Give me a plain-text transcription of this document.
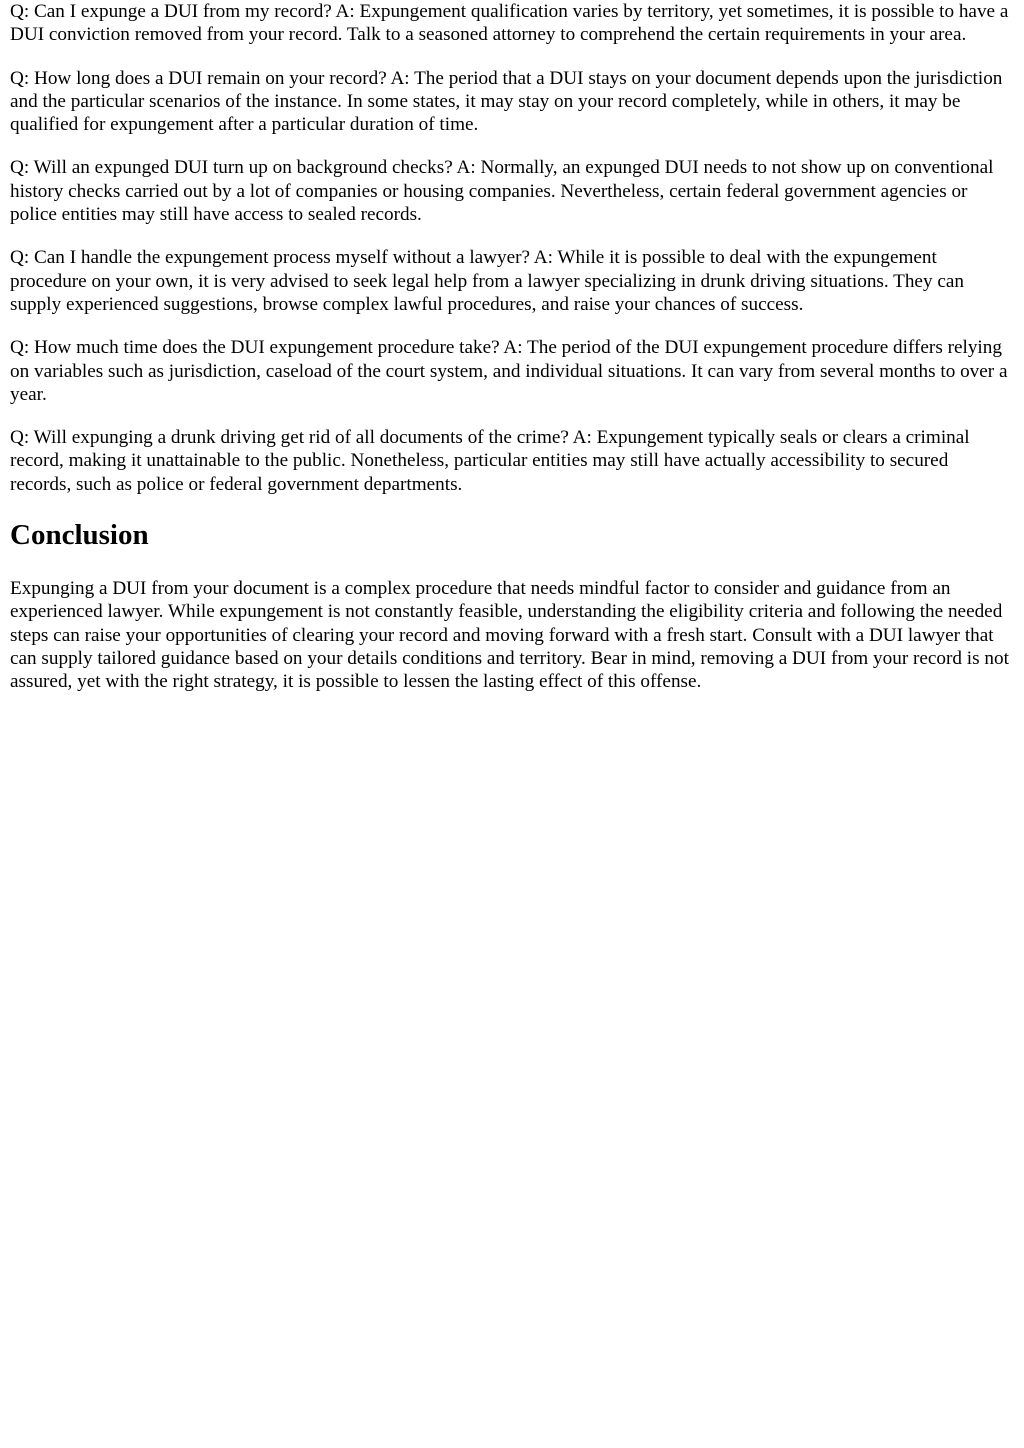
Q: Can I expunge a DUI from my record? A: Expungement qualification varies by territory, yet sometimes, it is possible to have a DUI conviction removed from your record. Talk to a seasoned attorney to comprehend the certain requirements in your area.

Q: How long does a DUI remain on your record? A: The period that a DUI stays on your document depends upon the jurisdiction and the particular scenarios of the instance. In some states, it may stay on your record completely, while in others, it may be qualified for expungement after a particular duration of time.

Q: Will an expunged DUI turn up on background checks? A: Normally, an expunged DUI needs to not show up on conventional history checks carried out by a lot of companies or housing companies. Nevertheless, certain federal government agencies or police entities may still have access to sealed records.

Q: Can I handle the expungement process myself without a lawyer? A: While it is possible to deal with the expungement procedure on your own, it is very advised to seek legal help from a lawyer specializing in drunk driving situations. They can supply experienced suggestions, browse complex lawful procedures, and raise your chances of success.

Q: How much time does the DUI expungement procedure take? A: The period of the DUI expungement procedure differs relying on variables such as jurisdiction, caseload of the court system, and individual situations. It can vary from several months to over a year.

Q: Will expunging a drunk driving get rid of all documents of the crime? A: Expungement typically seals or clears a criminal record, making it unattainable to the public. Nonetheless, particular entities may still have actually accessibility to secured records, such as police or federal government departments.

Conclusion

Expunging a DUI from your document is a complex procedure that needs mindful factor to consider and guidance from an experienced lawyer. While expungement is not constantly feasible, understanding the eligibility criteria and following the needed steps can raise your opportunities of clearing your record and moving forward with a fresh start. Consult with a DUI lawyer that can supply tailored guidance based on your details conditions and territory. Bear in mind, removing a DUI from your record is not assured, yet with the right strategy, it is possible to lessen the lasting effect of this offense.
